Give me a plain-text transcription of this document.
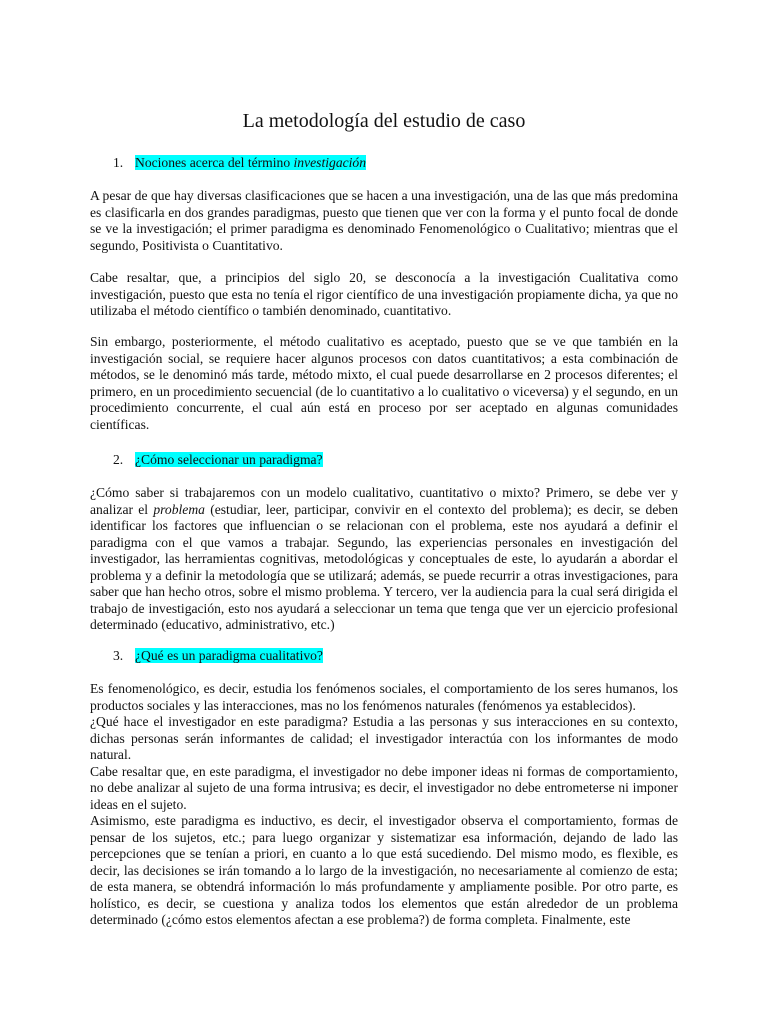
La metodología del estudio de caso
1. Nociones acerca del término investigación
A pesar de que hay diversas clasificaciones que se hacen a una investigación, una de las que más predomina es clasificarla en dos grandes paradigmas, puesto que tienen que ver con la forma y el punto focal de donde se ve la investigación; el primer paradigma es denominado Fenomenológico o Cualitativo; mientras que el segundo, Positivista o Cuantitativo.
Cabe resaltar, que, a principios del siglo 20, se desconocía a la investigación Cualitativa como investigación, puesto que esta no tenía el rigor científico de una investigación propiamente dicha, ya que no utilizaba el método científico o también denominado, cuantitativo.
Sin embargo, posteriormente, el método cualitativo es aceptado, puesto que se ve que también en la investigación social, se requiere hacer algunos procesos con datos cuantitativos; a esta combinación de métodos, se le denominó más tarde, método mixto, el cual puede desarrollarse en 2 procesos diferentes; el primero, en un procedimiento secuencial (de lo cuantitativo a lo cualitativo o viceversa) y el segundo, en un procedimiento concurrente, el cual aún está en proceso por ser aceptado en algunas comunidades científicas.
2. ¿Cómo seleccionar un paradigma?
¿Cómo saber si trabajaremos con un modelo cualitativo, cuantitativo o mixto? Primero, se debe ver y analizar el problema (estudiar, leer, participar, convivir en el contexto del problema); es decir, se deben identificar los factores que influencian o se relacionan con el problema, este nos ayudará a definir el paradigma con el que vamos a trabajar. Segundo, las experiencias personales en investigación del investigador, las herramientas cognitivas, metodológicas y conceptuales de este, lo ayudarán a abordar el problema y a definir la metodología que se utilizará; además, se puede recurrir a otras investigaciones, para saber que han hecho otros, sobre el mismo problema. Y tercero, ver la audiencia para la cual será dirigida el trabajo de investigación, esto nos ayudará a seleccionar un tema que tenga que ver un ejercicio profesional determinado (educativo, administrativo, etc.)
3. ¿Qué es un paradigma cualitativo?

Es fenomenológico, es decir, estudia los fenómenos sociales, el comportamiento de los seres humanos, los productos sociales y las interacciones, mas no los fenómenos naturales (fenómenos ya establecidos).

¿Qué hace el investigador en este paradigma? Estudia a las personas y sus interacciones en su contexto, dichas personas serán informantes de calidad; el investigador interactúa con los informantes de modo natural.

Cabe resaltar que, en este paradigma, el investigador no debe imponer ideas ni formas de comportamiento, no debe analizar al sujeto de una forma intrusiva; es decir, el investigador no debe entrometerse ni imponer ideas en el sujeto.

Asimismo, este paradigma es inductivo, es decir, el investigador observa el comportamiento, formas de pensar de los sujetos, etc.; para luego organizar y sistematizar esa información, dejando de lado las percepciones que se tenían a priori, en cuanto a lo que está sucediendo. Del mismo modo, es flexible, es decir, las decisiones se irán tomando a lo largo de la investigación, no necesariamente al comienzo de esta; de esta manera, se obtendrá información lo más profundamente y ampliamente posible. Por otro parte, es holístico, es decir, se cuestiona y analiza todos los elementos que están alrededor de un problema determinado (¿cómo estos elementos afectan a ese problema?) de forma completa. Finalmente, este
